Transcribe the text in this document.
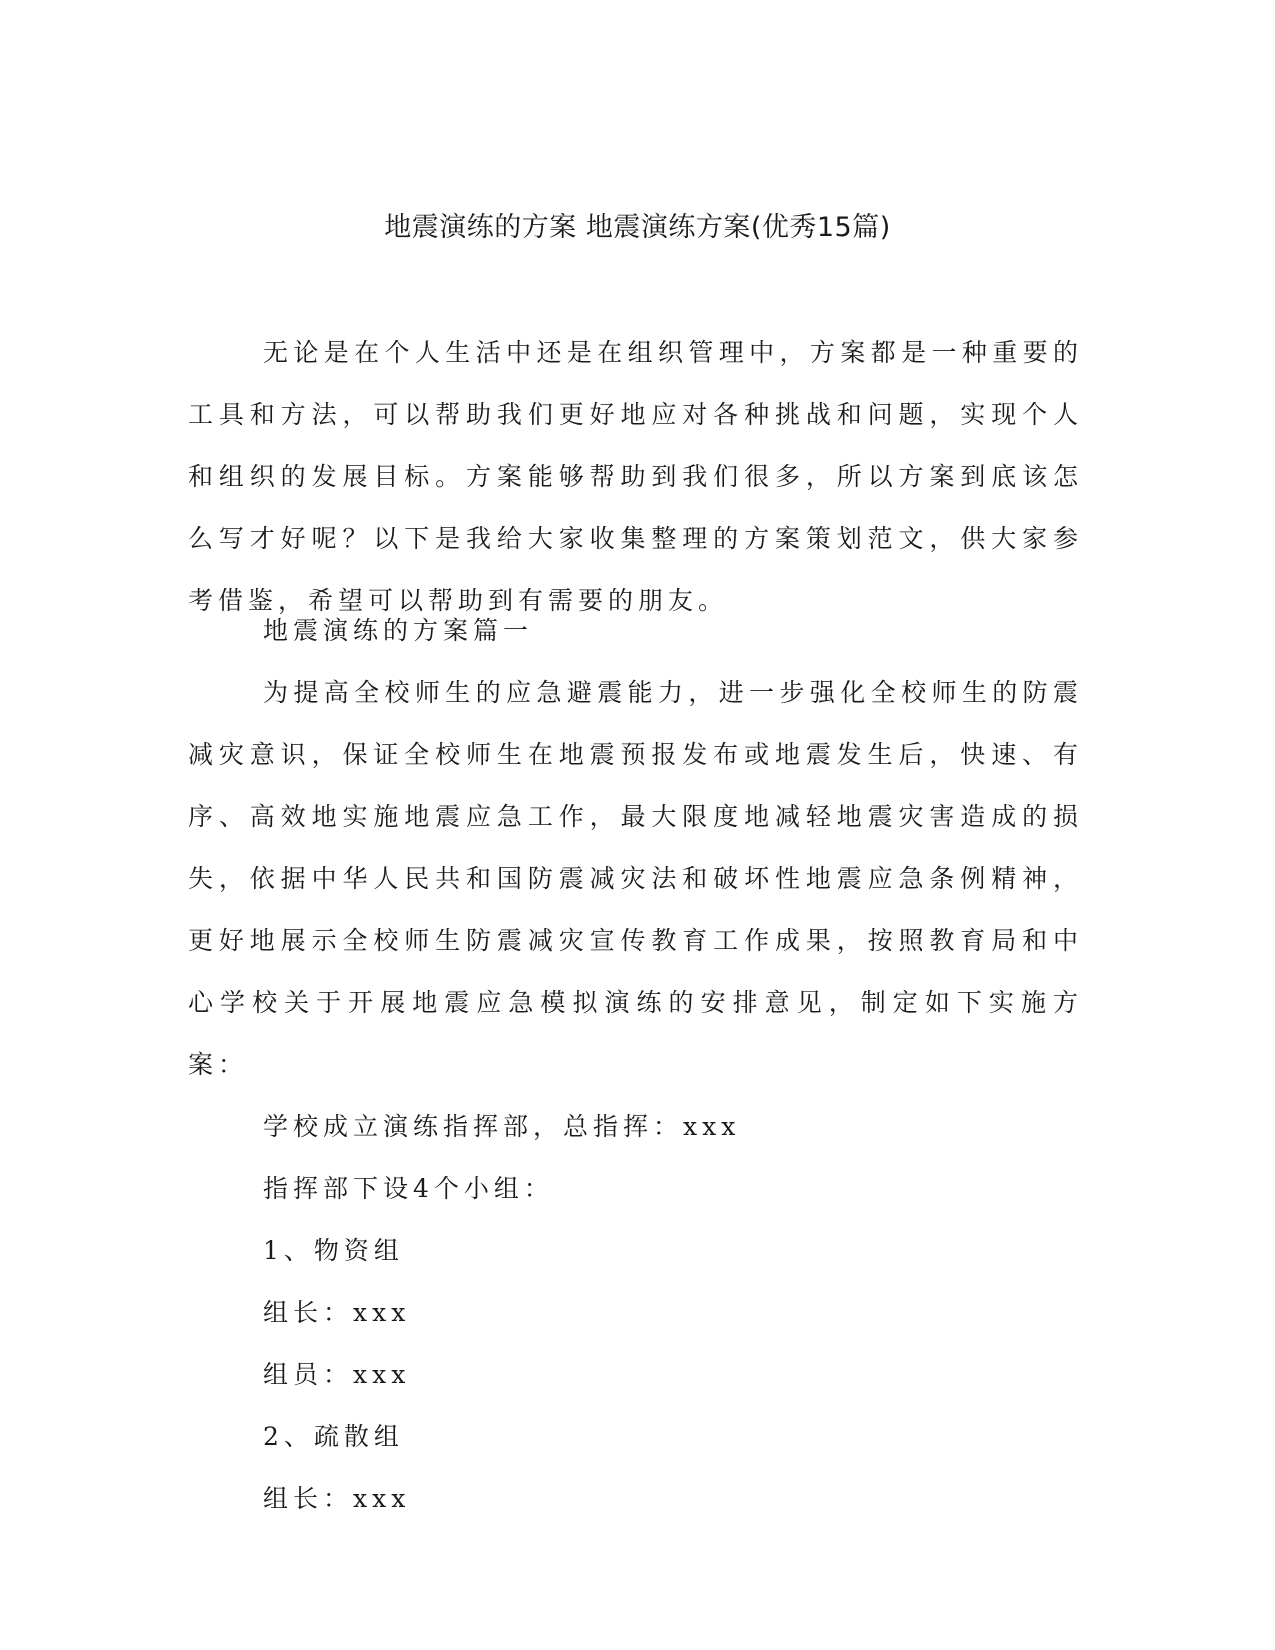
地震演练的方案 地震演练方案(优秀15篇)

无论是在个人生活中还是在组织管理中，方案都是一种重要的工具和方法，可以帮助我们更好地应对各种挑战和问题，实现个人和组织的发展目标。方案能够帮助到我们很多，所以方案到底该怎么写才好呢？以下是我给大家收集整理的方案策划范文，供大家参考借鉴，希望可以帮助到有需要的朋友。

地震演练的方案篇一

为提高全校师生的应急避震能力，进一步强化全校师生的防震减灾意识，保证全校师生在地震预报发布或地震发生后，快速、有序、高效地实施地震应急工作，最大限度地减轻地震灾害造成的损失，依据中华人民共和国防震减灾法和破坏性地震应急条例精神，更好地展示全校师生防震减灾宣传教育工作成果，按照教育局和中心学校关于开展地震应急模拟演练的安排意见，制定如下实施方案：

学校成立演练指挥部，总指挥：xxx

指挥部下设4个小组：

1、物资组

组长：xxx

组员：xxx

2、疏散组

组长：xxx
